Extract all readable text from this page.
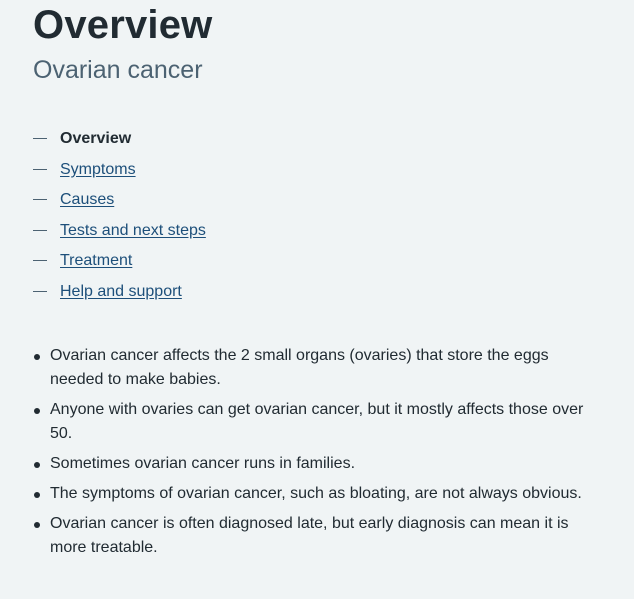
Overview
Ovarian cancer
Overview
Symptoms
Causes
Tests and next steps
Treatment
Help and support
Ovarian cancer affects the 2 small organs (ovaries) that store the eggs needed to make babies.
Anyone with ovaries can get ovarian cancer, but it mostly affects those over 50.
Sometimes ovarian cancer runs in families.
The symptoms of ovarian cancer, such as bloating, are not always obvious.
Ovarian cancer is often diagnosed late, but early diagnosis can mean it is more treatable.
